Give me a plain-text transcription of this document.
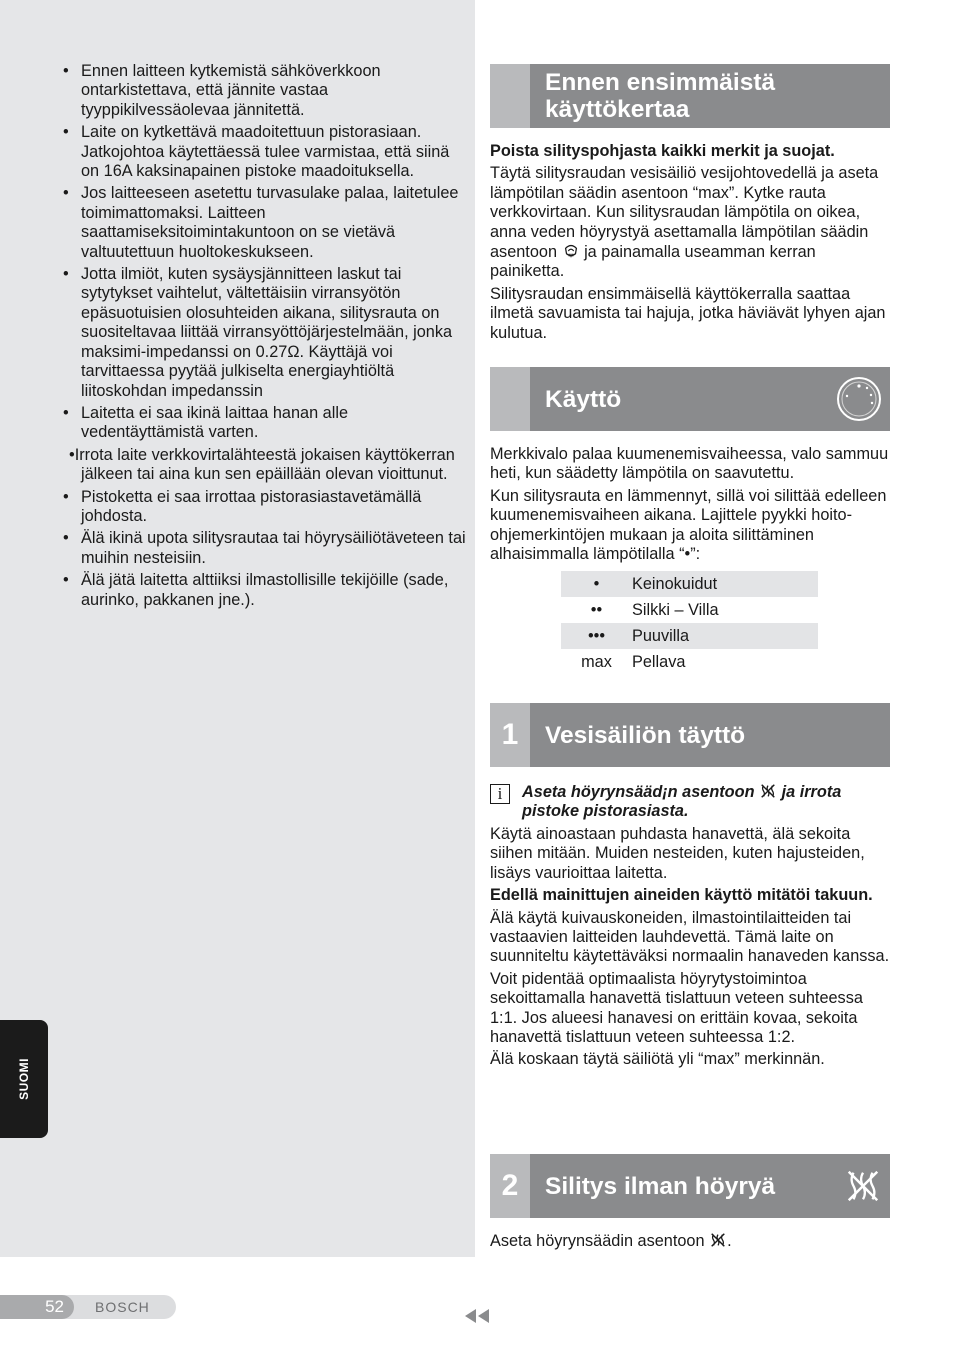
• Ennen laitteen kytkemistä sähköverkkoon ontarkistettava, että jännite vastaa tyyppikilvessäolevaa jännitettä.
• Laite on kytkettävä maadoitettuun pistorasiaan. Jatkojohtoa käytettäessä tulee varmistaa, että siinä on 16A kaksinapainen pistoke maadoituksella.
• Jos laitteeseen asetettu turvasulake palaa, laitetulee toimimattomaksi. Laitteen saattamiseksitoimintakuntoon on se vietävä valtuutettuun huoltokeskukseen.
• Jotta ilmiöt, kuten sysäysjännitteen laskut tai sytytykset vaihtelut, vältettäisiin virransyötön epäsuotuisien olosuhteiden aikana, silitysrauta on suositeltavaa liittää virransyöttöjärjestelmään, jonka maksimi-impedanssi on 0.27Ω. Käyttäjä voi tarvittaessa pyytää julkiselta energiayhtiöltä liitoskohdan impedanssin
• Laitetta ei saa ikinä laittaa hanan alle vedentäyttämistä varten.
•Irrota laite verkkovirtalähteestä jokaisen käyttökerran jälkeen tai aina kun sen epäillään olevan vioittunut.
• Pistoketta ei saa irrottaa pistorasiastavetämällä johdosta.
• Älä ikinä upota silitysrautaa tai höyrysäiliötäveteen tai muihin nesteisiin.
• Älä jätä laitetta alttiiksi ilmastollisille tekijöille (sade, aurinko, pakkanen jne.).
SUOMI
Ennen ensimmäistä käyttökertaa

Poista silityspohjasta kaikki merkit ja suojat.

Täytä silitysraudan vesisäiliö vesijohtovedellä ja aseta lämpötilan säädin asentoon “max”. Kytke rauta verkkovirtaan. Kun silitysraudan lämpötila on oikea, anna veden höyrystyä asettamalla lämpötilan säädin asentoon ja painamalla useamman kerran painiketta.

Silitysraudan ensimmäisellä käyttökerralla saattaa ilmetä savuamista tai hajuja, jotka häviävät lyhyen ajan kulutua.

Käyttö

Merkkivalo palaa kuumenemisvaiheessa, valo sammuu heti, kun säädetty lämpötila on saavutettu.

Kun silitysrauta en lämmennyt, sillä voi silittää edelleen kuumenemisvaiheen aikana. Lajittele pyykki hoito-ohjemerkintöjen mukaan ja aloita silittäminen alhaisimmalla lämpötilalla “•”:

•	Keinokuidut
••	Silkki – Villa
•••	Puuvilla
max	Pellava
1	Vesisäiliön täyttö
i	Aseta höyrynsääd¡n asentoon ja irrota pistoke pistorasiasta.

Käytä ainoastaan puhdasta hanavettä, älä sekoita siihen mitään. Muiden nesteiden, kuten hajusteiden, lisäys vaurioittaa laitetta.

Edellä mainittujen aineiden käyttö mitätöi takuun.

Älä käytä kuivauskoneiden, ilmastointilaitteiden tai vastaavien laitteiden lauhdevettä. Tämä laite on suunniteltu käytettäväksi normaalin hanaveden kanssa.

Voit pidentää optimaalista höyrytystoimintoa sekoittamalla hanavettä tislattuun veteen suhteessa 1:1. Jos alueesi hanavesi on erittäin kovaa, sekoita hanavettä tislattuun veteen suhteessa 1:2.

Älä koskaan täytä säiliötä yli “max” merkinnän.

2	Silitys ilman höyryä

Aseta höyrynsäädin asentoon .

52	BOSCH
